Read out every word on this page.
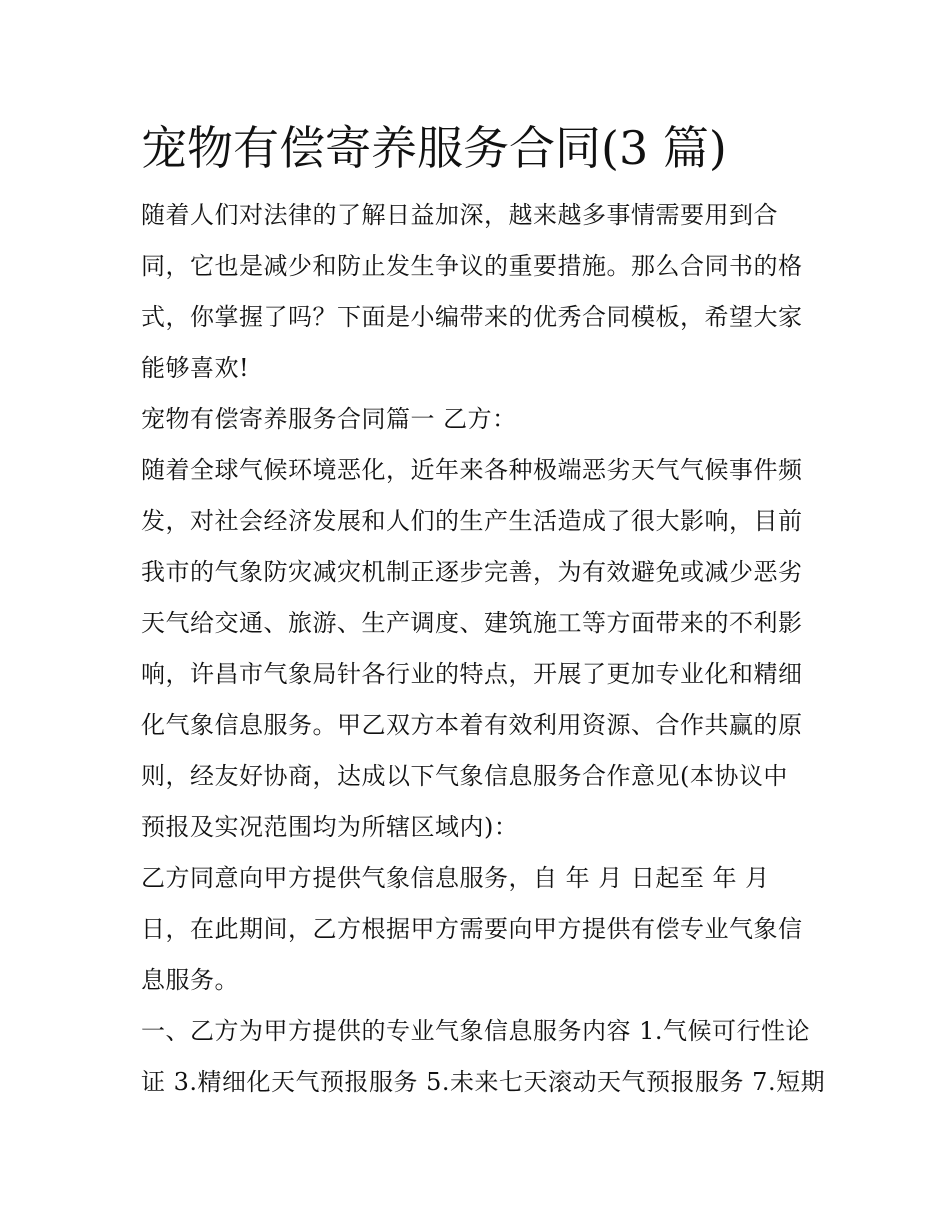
宠物有偿寄养服务合同(3 篇)
随着人们对法律的了解日益加深，越来越多事情需要用到合
同，它也是减少和防止发生争议的重要措施。那么合同书的格
式，你掌握了吗？下面是小编带来的优秀合同模板，希望大家
能够喜欢!
宠物有偿寄养服务合同篇一 乙方：
随着全球气候环境恶化，近年来各种极端恶劣天气气候事件频
发，对社会经济发展和人们的生产生活造成了很大影响，目前
我市的气象防灾减灾机制正逐步完善，为有效避免或减少恶劣
天气给交通、旅游、生产调度、建筑施工等方面带来的不利影
响，许昌市气象局针各行业的特点，开展了更加专业化和精细
化气象信息服务。甲乙双方本着有效利用资源、合作共赢的原
则，经友好协商，达成以下气象信息服务合作意见(本协议中
预报及实况范围均为所辖区域内)：
乙方同意向甲方提供气象信息服务，自 年 月 日起至 年 月
日，在此期间，乙方根据甲方需要向甲方提供有偿专业气象信
息服务。
一、乙方为甲方提供的专业气象信息服务内容 1.气候可行性论
证 3.精细化天气预报服务 5.未来七天滚动天气预报服务 7.短期
